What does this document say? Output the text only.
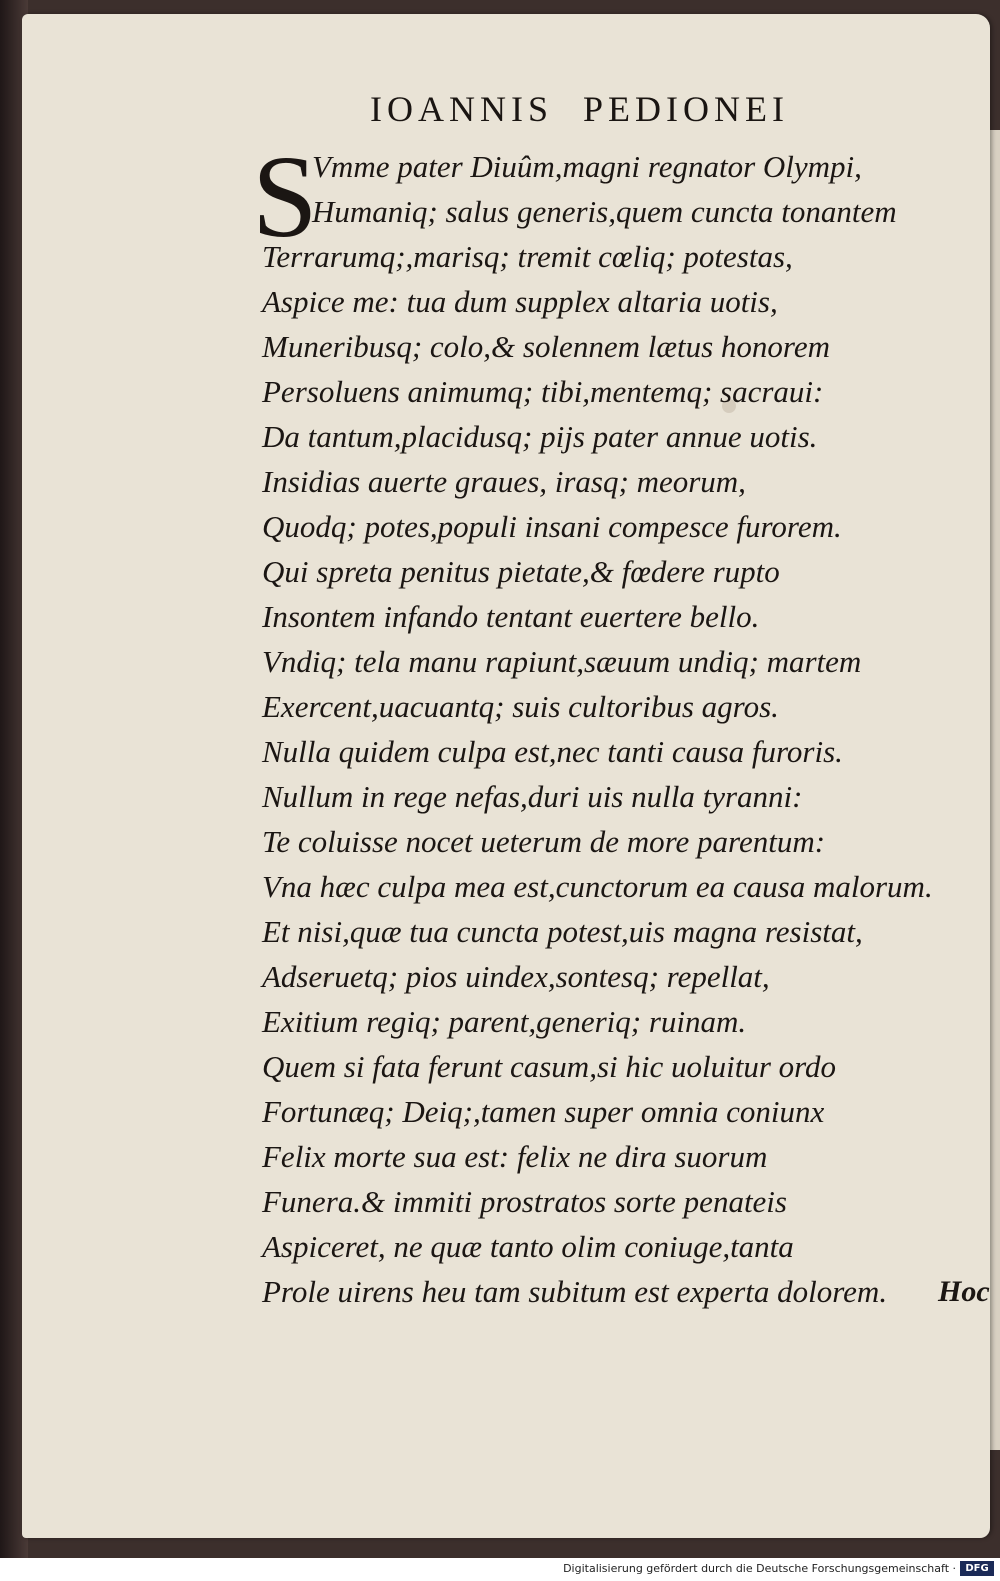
IOANNIS PEDIONEI
S
Vmme pater Diuûm,magni regnator Olympi,
Humaniq; salus generis,quem cuncta tonantem
Terrarumq;,marisq; tremit cœliq; potestas,
Aspice me: tua dum supplex altaria uotis,
Muneribusq; colo,& solennem lætus honorem
Persoluens animumq; tibi,mentemq; sacraui:
Da tantum,placidusq; pijs pater annue uotis.
Insidias auerte graues, irasq; meorum,
Quodq; potes,populi insani compesce furorem.
Qui spreta penitus pietate,& fœdere rupto
Insontem infando tentant euertere bello.
Vndiq; tela manu rapiunt,sæuum undiq; martem
Exercent,uacuantq; suis cultoribus agros.
Nulla quidem culpa est,nec tanti causa furoris.
Nullum in rege nefas,duri uis nulla tyranni:
Te coluisse nocet ueterum de more parentum:
Vna hæc culpa mea est,cunctorum ea causa malorum.
Et nisi,quæ tua cuncta potest,uis magna resistat,
Adseruetq; pios uindex,sontesq; repellat,
Exitium regiq; parent,generiq; ruinam.
Quem si fata ferunt casum,si hic uoluitur ordo
Fortunæq; Deiq;,tamen super omnia coniunx
Felix morte sua est: felix ne dira suorum
Funera.& immiti prostratos sorte penateis
Aspiceret, ne quæ tanto olim coniuge,tanta
Prole uirens heu tam subitum est experta dolorem.	Hoc
Digitalisierung gefördert durch die Deutsche Forschungsgemeinschaft · DFG
